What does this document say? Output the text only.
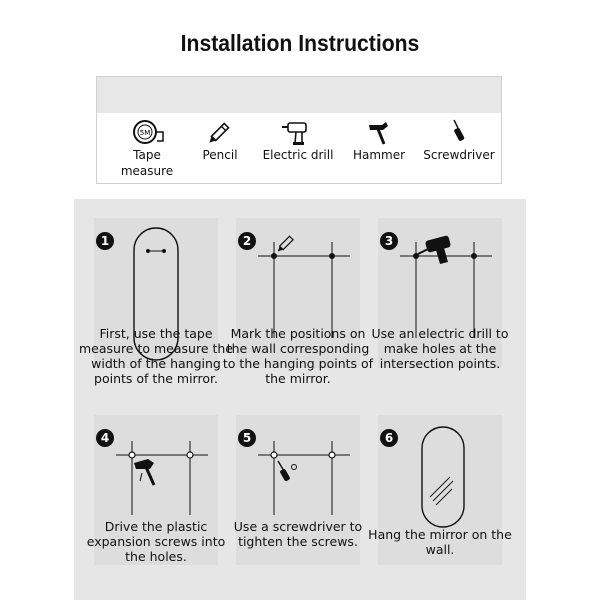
Installation Instructions
5M
Tape measure
Pencil	Electric drill	Hammer	Screwdriver
1
First, use the tape measure to measure the width of the hanging points of the mirror.
2
Mark the positions on the wall corresponding to the hanging points of the mirror.
3
Use an electric drill to make holes at the intersection points.
4
Drive the plastic expansion screws into the holes.
5
Use a screwdriver to tighten the screws.
6
Hang the mirror on the wall.
